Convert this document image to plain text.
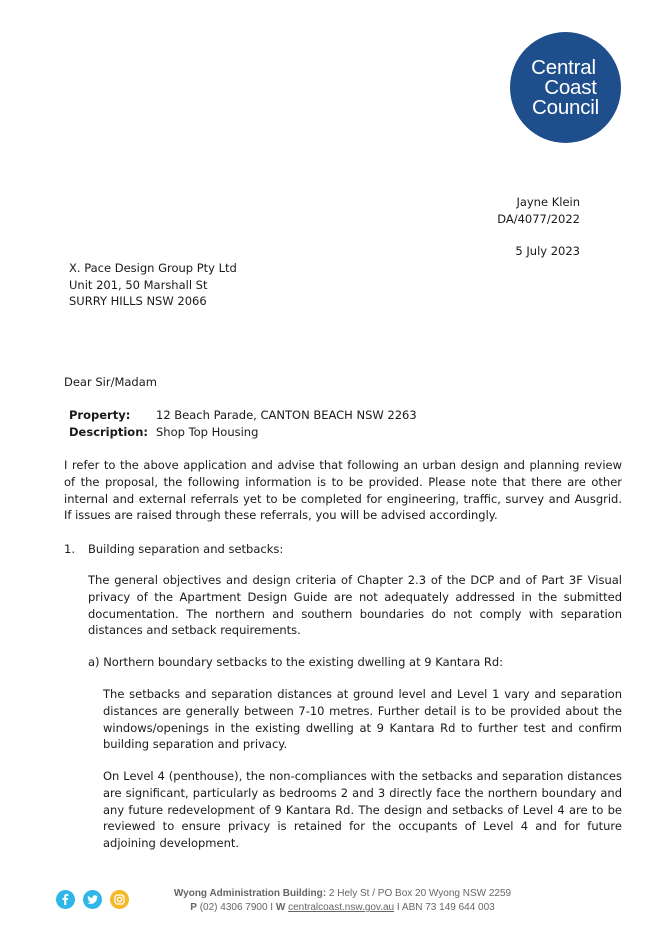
Central
Coast
Council
Jayne Klein
DA/4077/2022
5 July 2023
X. Pace Design Group Pty Ltd
Unit 201, 50 Marshall St
SURRY HILLS NSW 2066
Dear Sir/Madam
Property:	12 Beach Parade, CANTON BEACH NSW 2263
Description: Shop Top Housing
I refer to the above application and advise that following an urban design and planning review of the proposal, the following information is to be provided. Please note that there are other internal and external referrals yet to be completed for engineering, traffic, survey and Ausgrid. If issues are raised through these referrals, you will be advised accordingly.
1. Building separation and setbacks:
The general objectives and design criteria of Chapter 2.3 of the DCP and of Part 3F Visual privacy of the Apartment Design Guide are not adequately addressed in the submitted documentation. The northern and southern boundaries do not comply with separation distances and setback requirements.
a) Northern boundary setbacks to the existing dwelling at 9 Kantara Rd:
The setbacks and separation distances at ground level and Level 1 vary and separation distances are generally between 7-10 metres. Further detail is to be provided about the windows/openings in the existing dwelling at 9 Kantara Rd to further test and confirm building separation and privacy.
On Level 4 (penthouse), the non-compliances with the setbacks and separation distances are significant, particularly as bedrooms 2 and 3 directly face the northern boundary and any future redevelopment of 9 Kantara Rd. The design and setbacks of Level 4 are to be reviewed to ensure privacy is retained for the occupants of Level 4 and for future adjoining development.
Wyong Administration Building: 2 Hely St / PO Box 20 Wyong NSW 2259
P (02) 4306 7900 I W centralcoast.nsw.gov.au I ABN 73 149 644 003
